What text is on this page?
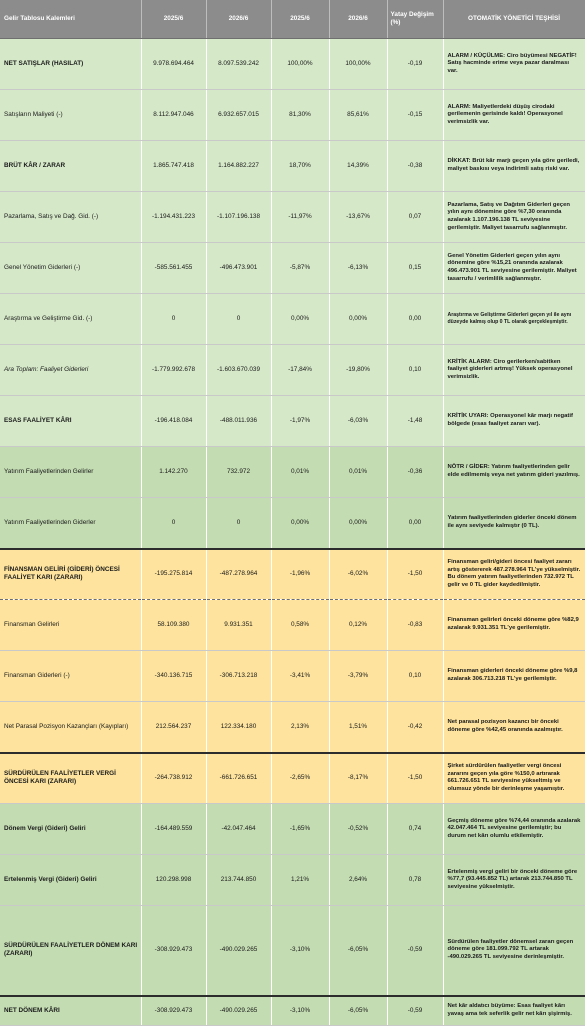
Gelir Tablosu Kalemleri	2025/6	2026/6	2025/6	2026/6	Yatay Değişim (%)	OTOMATİK YÖNETİCİ TEŞHİSİ
NET SATIŞLAR (HASILAT)	9.978.694.464	8.097.539.242	100,00%	100,00%	-0,19	ALARM / KÜÇÜLME: Ciro büyümesi NEGATİF! Satış hacminde erime veya pazar daralması var.
Satışların Maliyeti (-)	8.112.947.046	6.932.657.015	81,30%	85,61%	-0,15	ALARM: Maliyetlerdeki düşüş cirodaki gerilemenin gerisinde kaldı! Operasyonel verimsizlik var.
BRÜT KÂR / ZARAR	1.865.747.418	1.164.882.227	18,70%	14,39%	-0,38	DİKKAT: Brüt kâr marjı geçen yıla göre geriledi, maliyet baskısı veya indirimli satış riski var.
Pazarlama, Satış ve Dağ. Gid. (-)	-1.194.431.223	-1.107.196.138	-11,97%	-13,67%	0,07	Pazarlama, Satış ve Dağıtım Giderleri geçen yılın aynı dönemine göre %7,30 oranında azalarak 1.107.196.138 TL seviyesine gerilemiştir. Maliyet tasarrufu sağlanmıştır.
Genel Yönetim Giderleri (-)	-585.561.455	-496.473.901	-5,87%	-6,13%	0,15	Genel Yönetim Giderleri geçen yılın aynı dönemine göre %15,21 oranında azalarak 496.473.901 TL seviyesine gerilemiştir. Maliyet tasarrufu / verimlilik sağlanmıştır.
Araştırma ve Geliştirme Gid. (-)	0	0	0,00%	0,00%	0,00	Araştırma ve Geliştirme Giderleri geçen yıl ile aynı düzeyde kalmış olup 0 TL olarak gerçekleşmiştir.
Ara Toplam: Faaliyet Giderleri	-1.779.992.678	-1.603.670.039	-17,84%	-19,80%	0,10	KRİTİK ALARM: Ciro gerilerken/sabitken faaliyet giderleri artmış! Yüksek operasyonel verimsizlik.
ESAS FAALİYET KÂRI	-196.418.084	-488.011.936	-1,97%	-6,03%	-1,48	KRİTİK UYARI: Operasyonel kâr marjı negatif bölgede (esas faaliyet zararı var).
Yatırım Faaliyetlerinden Gelirler	1.142.270	732.972	0,01%	0,01%	-0,36	NÖTR / GİDER: Yatırım faaliyetlerinden gelir elde edilmemiş veya net yatırım gideri yazılmış.
Yatırım Faaliyetlerinden Giderler	0	0	0,00%	0,00%	0,00	Yatırım faaliyetlerinden giderler önceki dönem ile aynı seviyede kalmıştır (0 TL).
FİNANSMAN GELİRİ (GİDERİ) ÖNCESİ FAALİYET KARI (ZARARI)	-195.275.814	-487.278.964	-1,96%	-6,02%	-1,50	Finansman geliri/gideri öncesi faaliyet zararı artış göstererek 487.278.964 TL'ye yükselmiştir. Bu dönem yatırım faaliyetlerinden 732.972 TL gelir ve 0 TL gider kaydedilmiştir.
Finansman Gelirleri	58.109.380	9.931.351	0,58%	0,12%	-0,83	Finansman gelirleri önceki döneme göre %82,9 azalarak 9.931.351 TL'ye gerilemiştir.
Finansman Giderleri (-)	-340.136.715	-306.713.218	-3,41%	-3,79%	0,10	Finansman giderleri önceki döneme göre %9,8 azalarak 306.713.218 TL'ye gerilemiştir.
Net Parasal Pozisyon Kazançları (Kayıpları)	212.564.237	122.334.180	2,13%	1,51%	-0,42	Net parasal pozisyon kazancı bir önceki döneme göre %42,45 oranında azalmıştır.
SÜRDÜRÜLEN FAALİYETLER VERGİ ÖNCESİ KARI (ZARARI)	-264.738.912	-661.726.651	-2,65%	-8,17%	-1,50	Şirket sürdürülen faaliyetler vergi öncesi zararını geçen yıla göre %150,0 artırarak 661.726.651 TL seviyesine yükseltmiş ve olumsuz yönde bir derinleşme yaşamıştır.
Dönem Vergi (Gideri) Geliri	-164.489.559	-42.047.464	-1,65%	-0,52%	0,74	Geçmiş döneme göre %74,44 oranında azalarak 42.047.464 TL seviyesine gerilemiştir; bu durum net kârı olumlu etkilemiştir.
Ertelenmiş Vergi (Gideri) Geliri	120.298.998	213.744.850	1,21%	2,64%	0,78	Ertelenmiş vergi geliri bir önceki döneme göre %77,7 (93.445.852 TL) artarak 213.744.850 TL seviyesine yükselmiştir.
SÜRDÜRÜLEN FAALİYETLER DÖNEM KARI (ZARARI)	-308.929.473	-490.029.265	-3,10%	-6,05%	-0,59	Sürdürülen faaliyetler dönemsel zararı geçen döneme göre 181.099.792 TL artarak -490.029.265 TL seviyesine derinleşmiştir.
NET DÖNEM KÂRI	-308.929.473	-490.029.265	-3,10%	-6,05%	-0,59	Net kâr aldatıcı büyüme: Esas faaliyet kârı yavaş ama tek seferlik gelir net kârı şişirmiş.
